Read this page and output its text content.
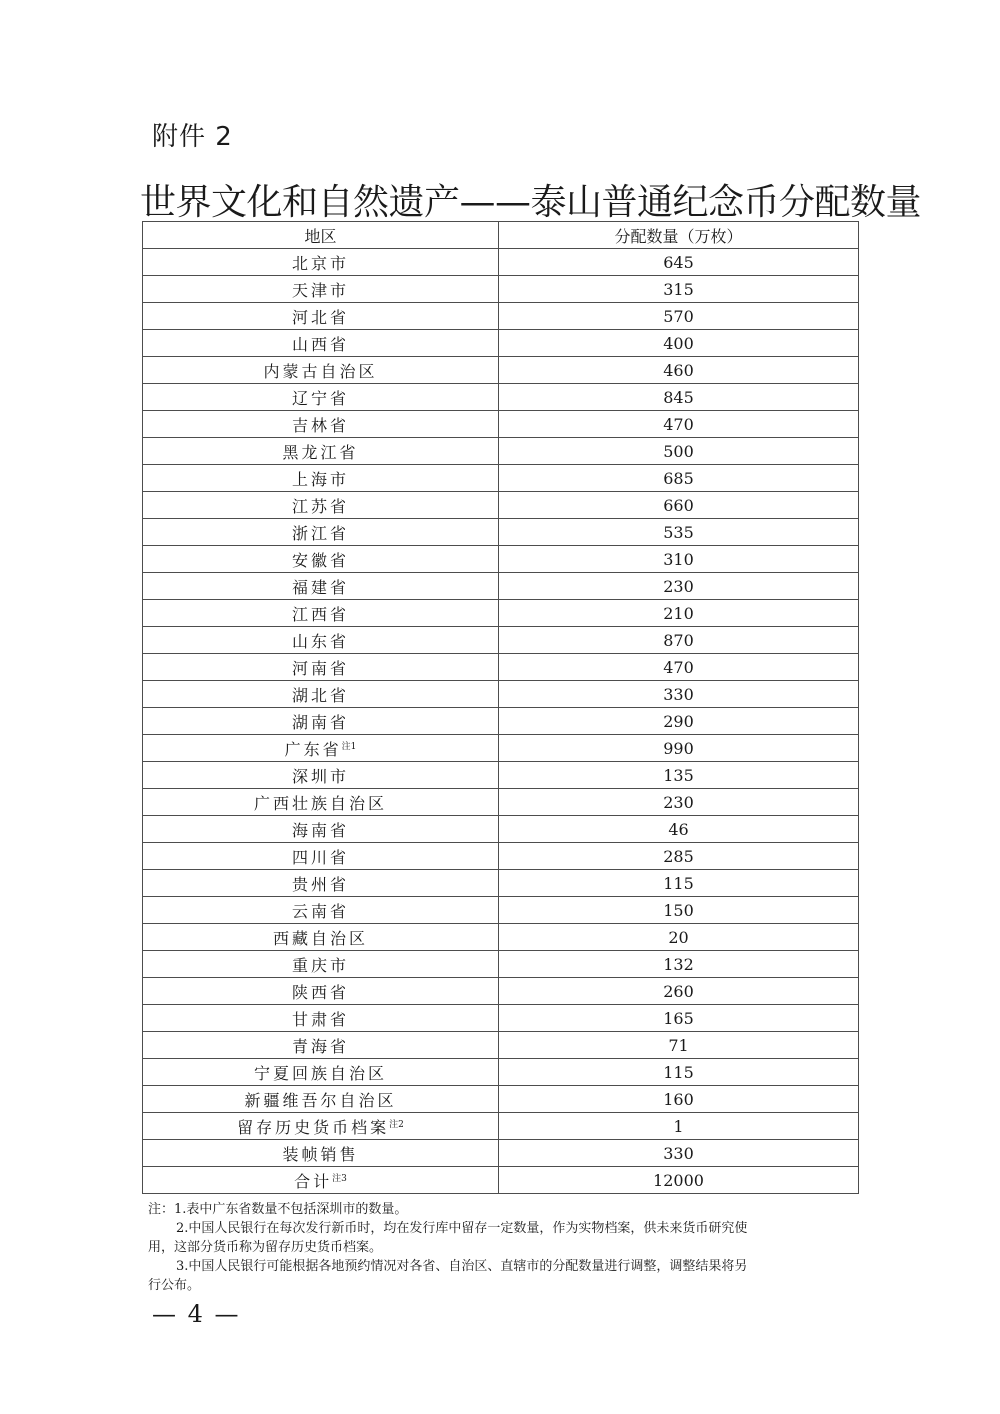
附件 2
世界文化和自然遗产——泰山普通纪念币分配数量
地区	分配数量（万枚）
北京市	645
天津市	315
河北省	570
山西省	400
内蒙古自治区	460
辽宁省	845
吉林省	470
黑龙江省	500
上海市	685
江苏省	660
浙江省	535
安徽省	310
福建省	230
江西省	210
山东省	870
河南省	470
湖北省	330
湖南省	290
广东省$^{注1}$	990
深圳市	135
广西壮族自治区	230
海南省	46
四川省	285
贵州省	115
云南省	150
西藏自治区	20
重庆市	132
陕西省	260
甘肃省	165
青海省	71
宁夏回族自治区	115
新疆维吾尔自治区	160
留存历史货币档案$^{注2}$	1
装帧销售	330
合计$^{注3}$	12000

注：1.表中广东省数量不包括深圳市的数量。

2.中国人民银行在每次发行新币时，均在发行库中留存一定数量，作为实物档案，供未来货币研究使

用，这部分货币称为留存历史货币档案。

3.中国人民银行可能根据各地预约情况对各省、自治区、直辖市的分配数量进行调整，调整结果将另

行公布。

— 4 —
